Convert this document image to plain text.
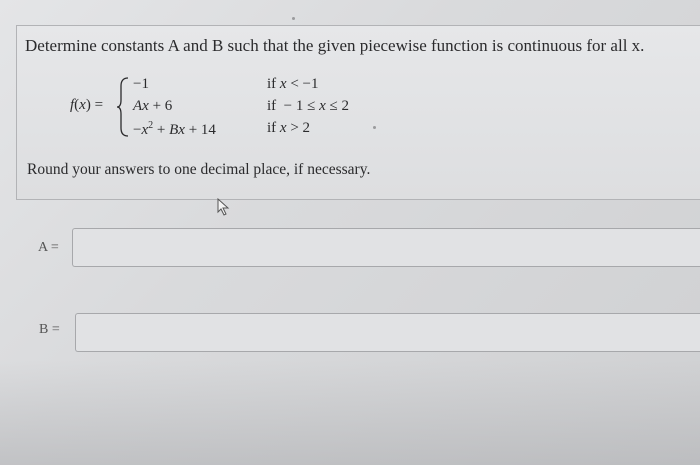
Determine constants A and B such that the given piecewise function is continuous for all x.
f(x) =
−1
Ax + 6
$-x^2 + Bx + 14$
if x < −1
if  − 1 ≤ x ≤ 2
if x > 2
Round your answers to one decimal place, if necessary.
A =
B =
